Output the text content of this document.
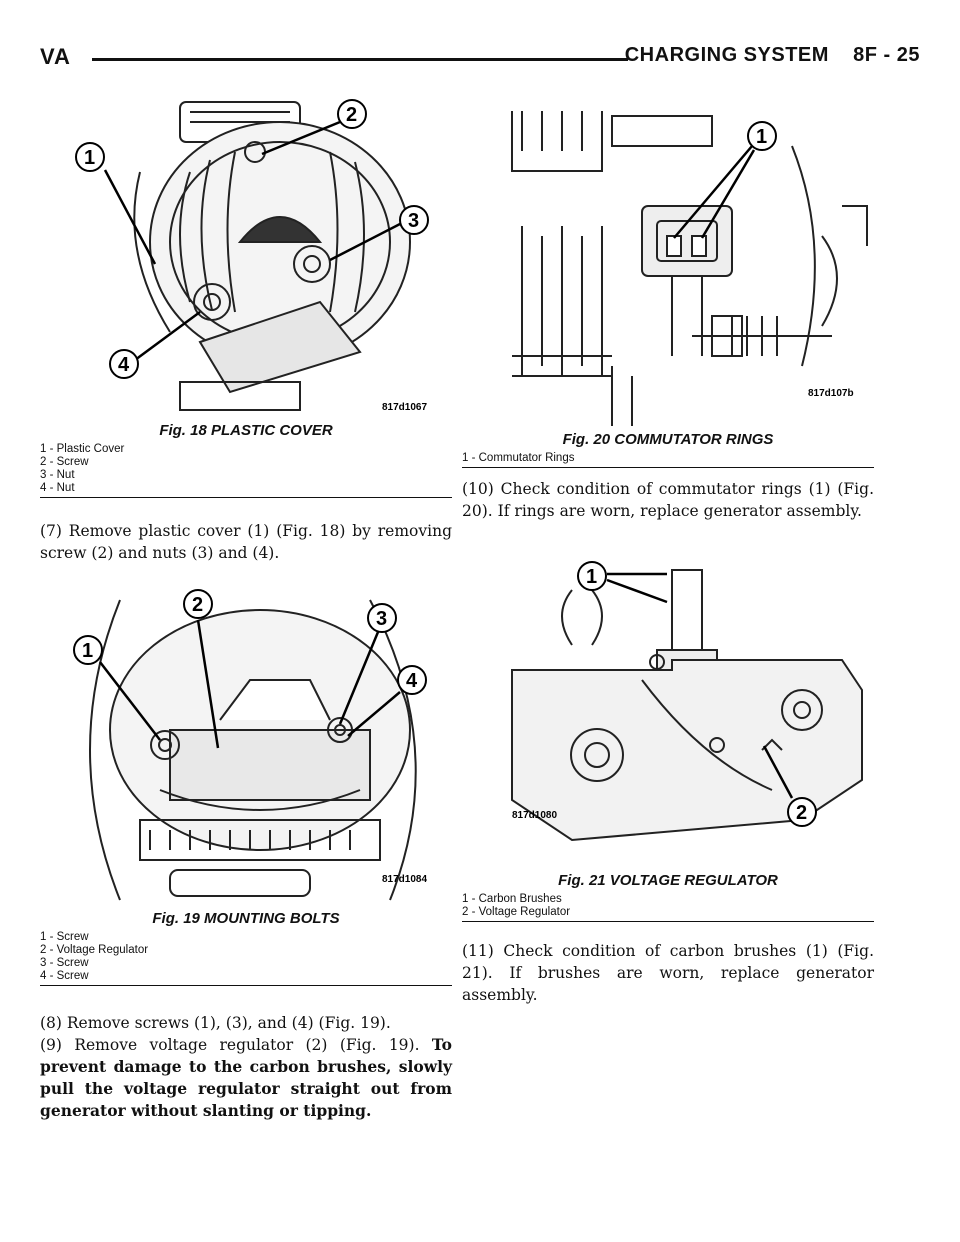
VA	CHARGING SYSTEM    8F - 25
1
2
3
4
817d1067

Fig. 18 PLASTIC COVER

1 - Plastic Cover
2 - Screw
3 - Nut
4 - Nut

(7) Remove plastic cover (1) (Fig. 18) by removing screw (2) and nuts (3) and (4).

1
2
3
4
817d1084

Fig. 19 MOUNTING BOLTS

1 - Screw
2 - Voltage Regulator
3 - Screw
4 - Screw

(8) Remove screws (1), (3), and (4) (Fig. 19).

(9) Remove voltage regulator (2) (Fig. 19). To prevent damage to the carbon brushes, slowly pull the voltage regulator straight out from generator without slanting or tipping.

1
817d107b

Fig. 20 COMMUTATOR RINGS

1 - Commutator Rings

(10) Check condition of commutator rings (1) (Fig. 20). If rings are worn, replace generator assembly.

1
2
817d1080

Fig. 21 VOLTAGE REGULATOR

1 - Carbon Brushes
2 - Voltage Regulator

(11) Check condition of carbon brushes (1) (Fig. 21). If brushes are worn, replace generator assembly.
